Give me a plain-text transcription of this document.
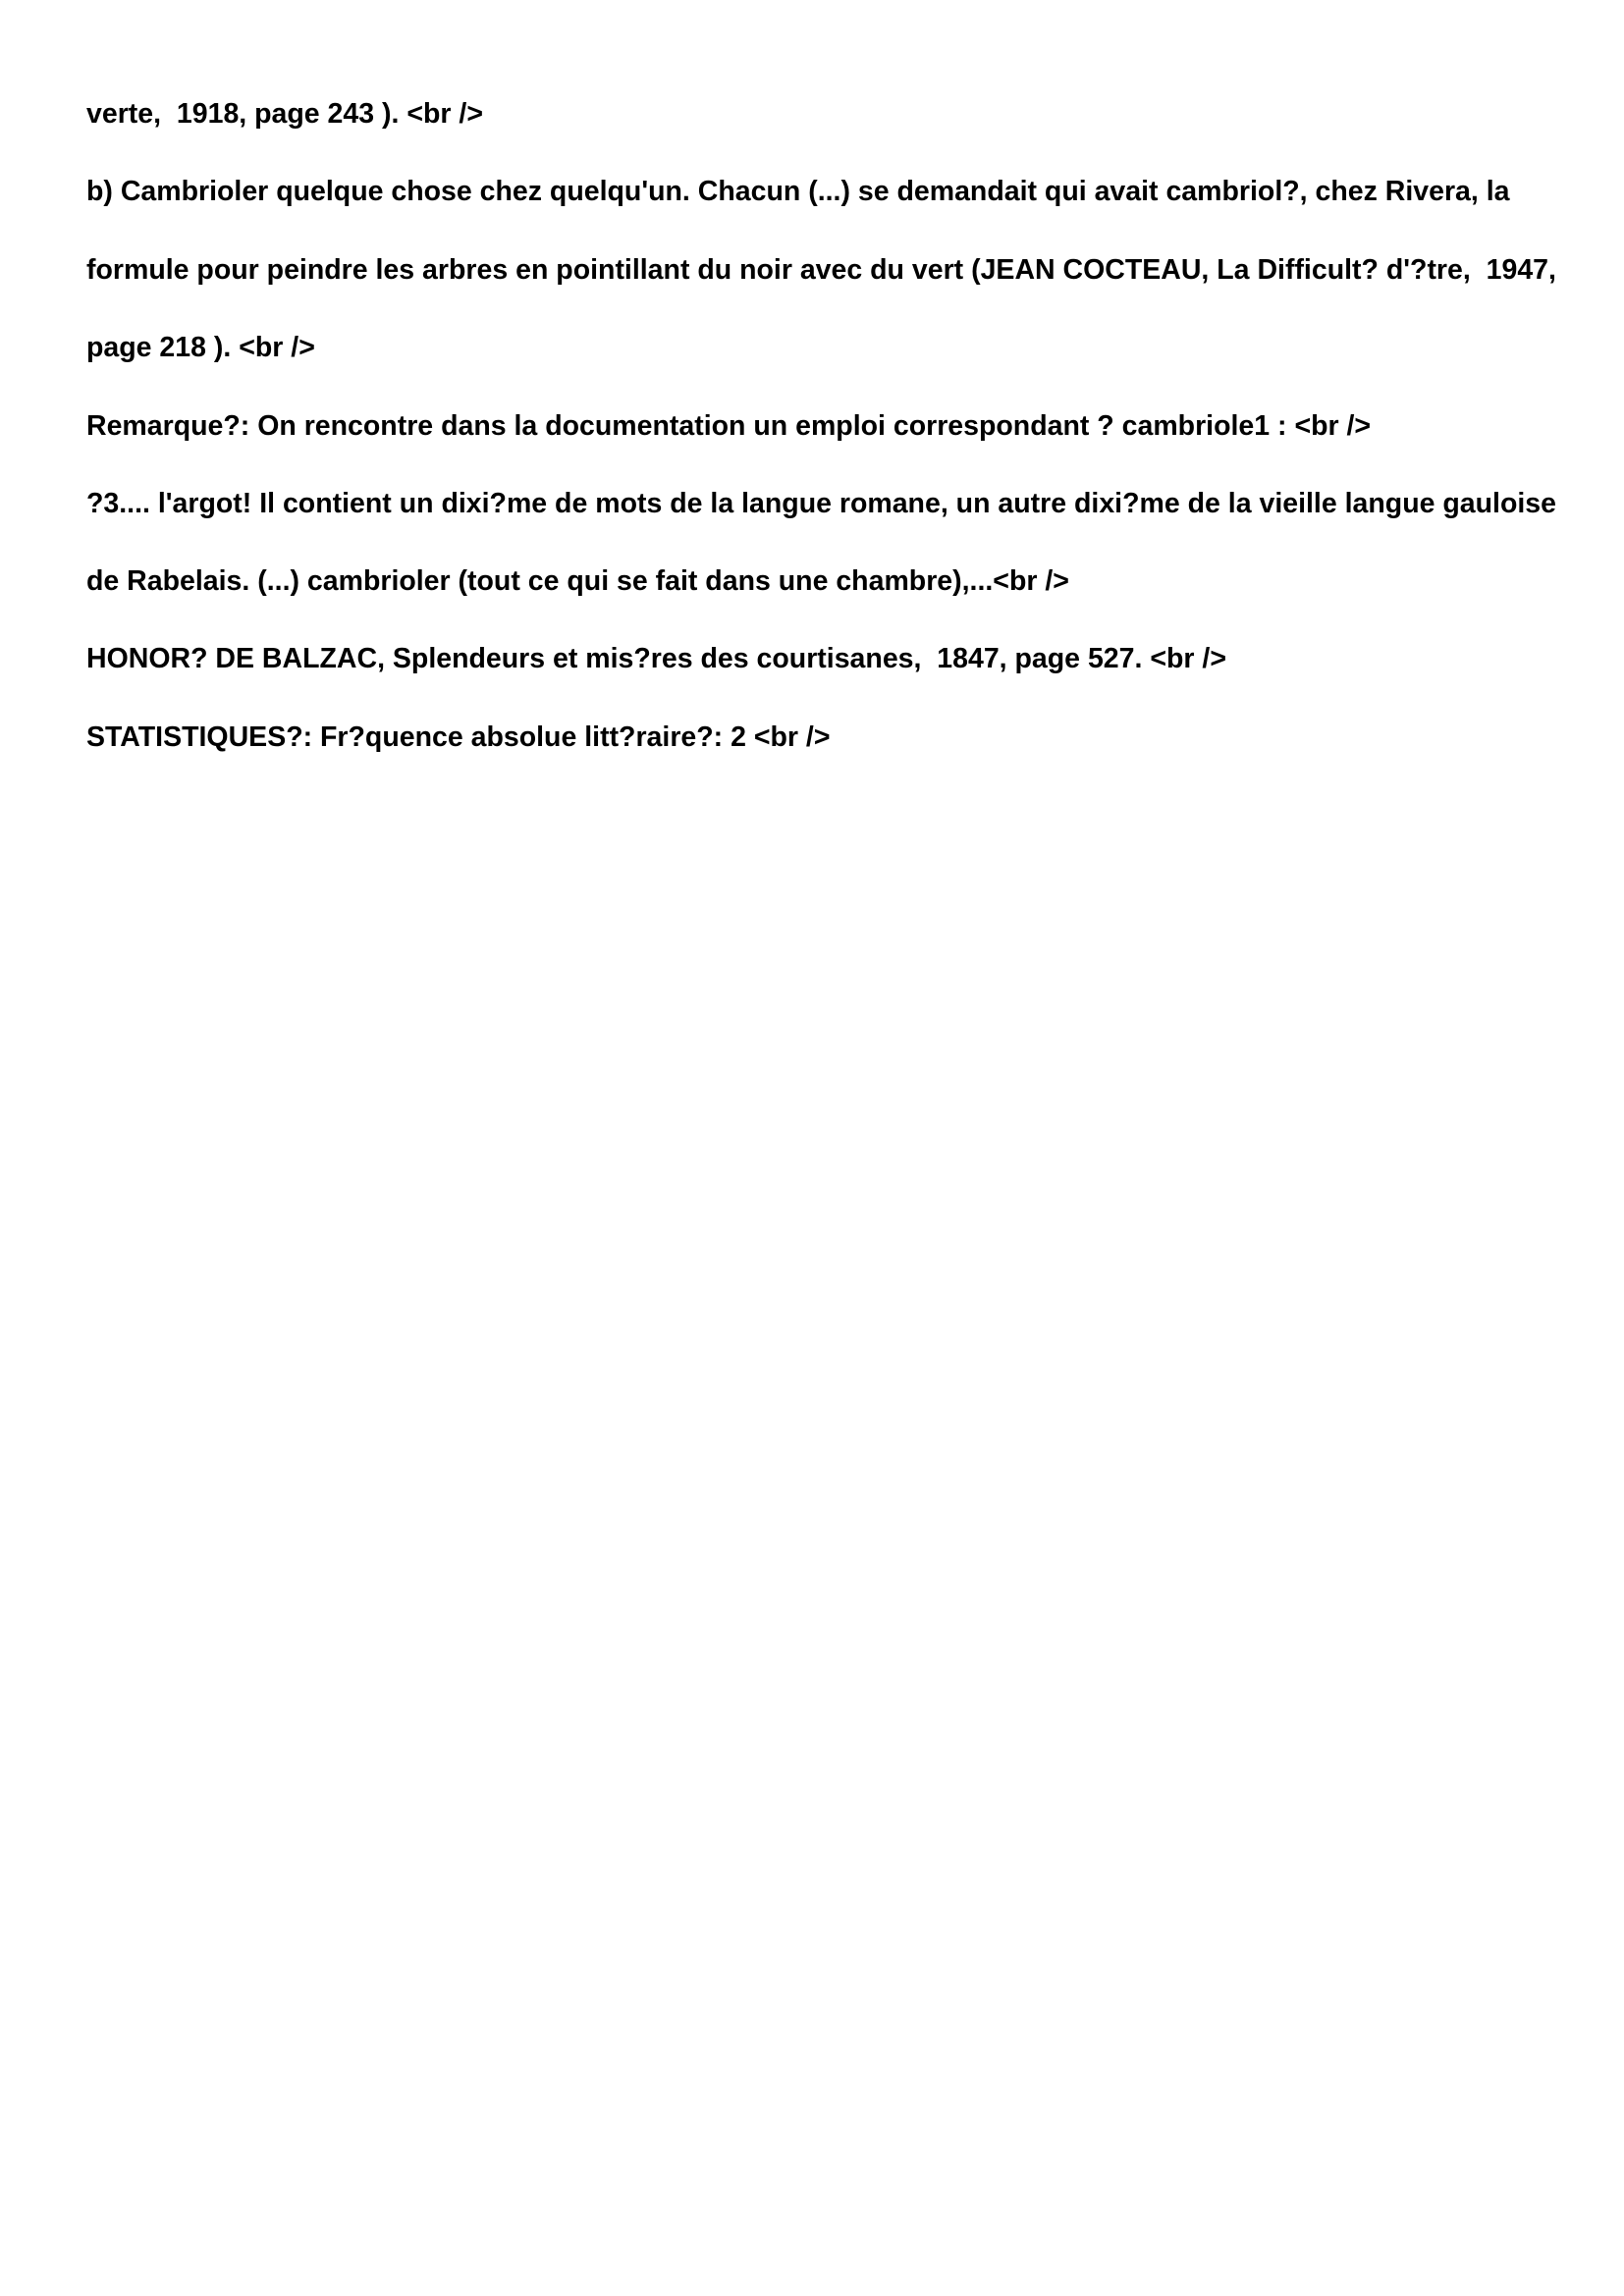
verte,  1918, page 243 ). <br />

b) Cambrioler quelque chose chez quelqu'un. Chacun (...) se demandait qui avait cambriol?, chez Rivera, la

formule pour peindre les arbres en pointillant du noir avec du vert (JEAN COCTEAU, La Difficult? d'?tre,  1947,

page 218 ). <br />

Remarque?: On rencontre dans la documentation un emploi correspondant ? cambriole1 : <br />

?3.... l'argot! Il contient un dixi?me de mots de la langue romane, un autre dixi?me de la vieille langue gauloise

de Rabelais. (...) cambrioler (tout ce qui se fait dans une chambre),...<br />

HONOR? DE BALZAC, Splendeurs et mis?res des courtisanes,  1847, page 527. <br />

STATISTIQUES?: Fr?quence absolue litt?raire?: 2 <br />
